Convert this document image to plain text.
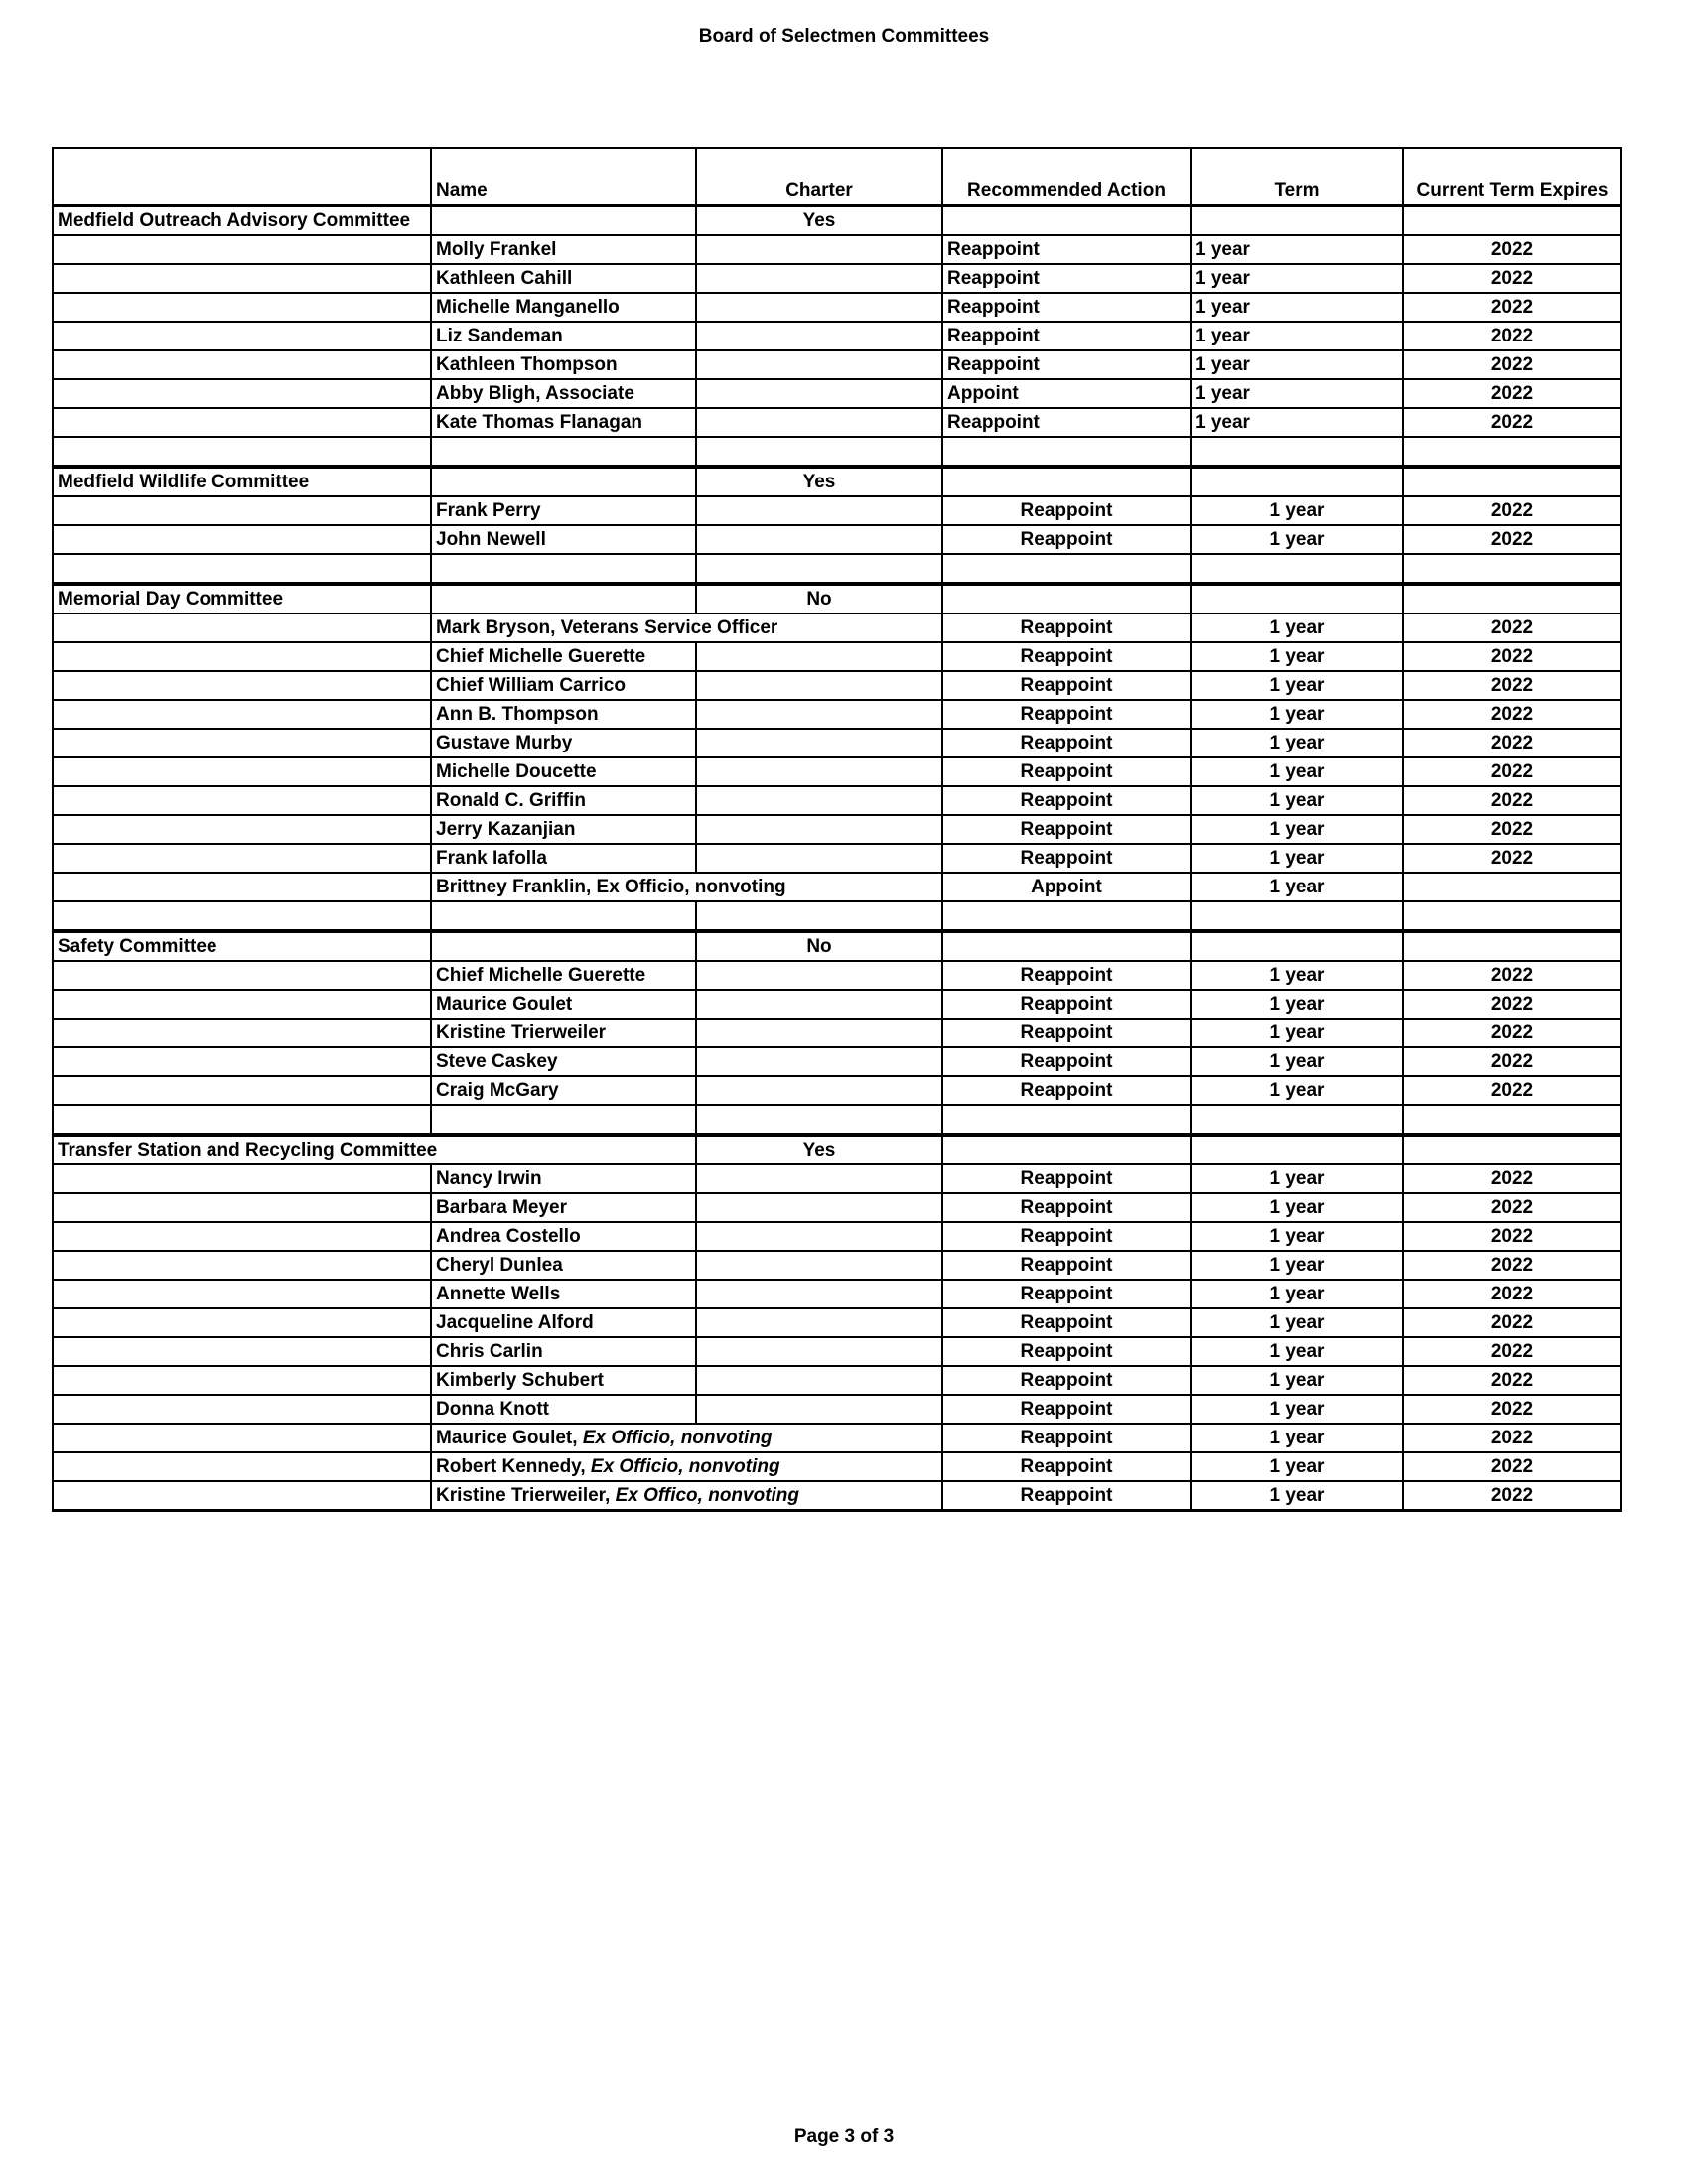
Board of Selectmen Committees
	Name	Charter	Recommended Action	Term	Current Term Expires
Medfield Outreach Advisory Committee		Yes			
	Molly Frankel		Reappoint	1 year	2022
	Kathleen Cahill		Reappoint	1 year	2022
	Michelle Manganello		Reappoint	1 year	2022
	Liz Sandeman		Reappoint	1 year	2022
	Kathleen Thompson		Reappoint	1 year	2022
	Abby Bligh, Associate		Appoint	1 year	2022
	Kate Thomas Flanagan		Reappoint	1 year	2022

Medfield Wildlife Committee		Yes			
	Frank Perry		Reappoint	1 year	2022
	John Newell		Reappoint	1 year	2022

Memorial Day Committee		No			
	Mark Bryson, Veterans Service Officer		Reappoint	1 year	2022
	Chief Michelle Guerette		Reappoint	1 year	2022
	Chief William Carrico		Reappoint	1 year	2022
	Ann B. Thompson		Reappoint	1 year	2022
	Gustave Murby		Reappoint	1 year	2022
	Michelle Doucette		Reappoint	1 year	2022
	Ronald C. Griffin		Reappoint	1 year	2022
	Jerry Kazanjian		Reappoint	1 year	2022
	Frank Iafolla		Reappoint	1 year	2022
	Brittney Franklin, Ex Officio, nonvoting		Appoint	1 year	

Safety Committee		No			
	Chief Michelle Guerette		Reappoint	1 year	2022
	Maurice Goulet		Reappoint	1 year	2022
	Kristine Trierweiler		Reappoint	1 year	2022
	Steve Caskey		Reappoint	1 year	2022
	Craig McGary		Reappoint	1 year	2022

Transfer Station and Recycling Committee		Yes			
	Nancy Irwin		Reappoint	1 year	2022
	Barbara Meyer		Reappoint	1 year	2022
	Andrea Costello		Reappoint	1 year	2022
	Cheryl Dunlea		Reappoint	1 year	2022
	Annette Wells		Reappoint	1 year	2022
	Jacqueline Alford		Reappoint	1 year	2022
	Chris Carlin		Reappoint	1 year	2022
	Kimberly Schubert		Reappoint	1 year	2022
	Donna Knott		Reappoint	1 year	2022
	Maurice Goulet, Ex Officio, nonvoting		Reappoint	1 year	2022
	Robert Kennedy, Ex Officio, nonvoting		Reappoint	1 year	2022
	Kristine Trierweiler, Ex Offico, nonvoting		Reappoint	1 year	2022
Page 3 of 3
